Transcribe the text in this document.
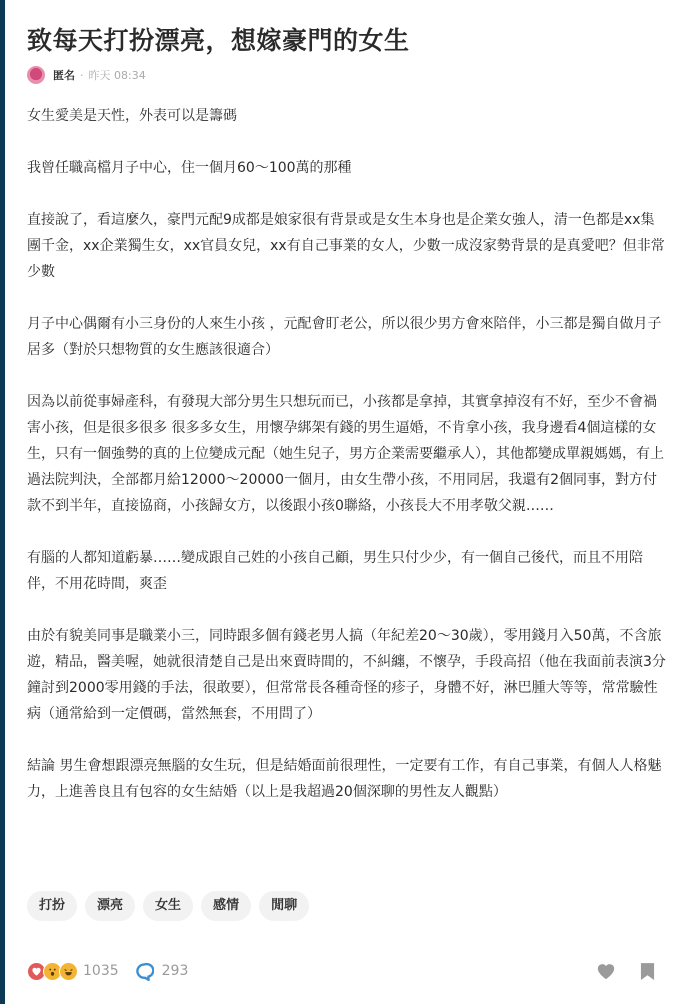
致每天打扮漂亮，想嫁豪門的女生
匿名 · 昨天 08:34

女生愛美是天性，外表可以是籌碼

我曾任職高檔月子中心，住一個月60～100萬的那種

直接說了，看這麼久，豪門元配9成都是娘家很有背景或是女生本身也是企業女強人，清一色都是xx集團千金，xx企業獨生女，xx官員女兒，xx有自己事業的女人，少數一成沒家勢背景的是真愛吧？但非常少數

月子中心偶爾有小三身份的人來生小孩 ，元配會盯老公，所以很少男方會來陪伴，小三都是獨自做月子居多（對於只想物質的女生應該很適合）

因為以前從事婦產科，有發現大部分男生只想玩而已，小孩都是拿掉，其實拿掉沒有不好，至少不會禍害小孩，但是很多很多 很多多女生，用懷孕綁架有錢的男生逼婚，不肯拿小孩，我身邊看4個這樣的女生，只有一個強勢的真的上位變成元配（她生兒子，男方企業需要繼承人），其他都變成單親媽媽，有上過法院判決，全部都月給12000～20000一個月，由女生帶小孩，不用同居，我還有2個同事，對方付款不到半年，直接協商，小孩歸女方，以後跟小孩0聯絡，小孩長大不用孝敬父親……

有腦的人都知道虧暴……變成跟自己姓的小孩自己顧，男生只付少少，有一個自己後代，而且不用陪伴，不用花時間，爽歪

由於有貌美同事是職業小三，同時跟多個有錢老男人搞（年紀差20～30歲），零用錢月入50萬，不含旅遊，精品，醫美喔，她就很清楚自己是出來賣時間的，不糾纏，不懷孕，手段高招（他在我面前表演3分鐘討到2000零用錢的手法，很敢要），但常常長各種奇怪的疹子，身體不好，淋巴腫大等等，常常驗性病（通常給到一定價碼，當然無套，不用問了）

結論 男生會想跟漂亮無腦的女生玩，但是結婚面前很理性，一定要有工作，有自己事業，有個人人格魅力，上進善良且有包容的女生結婚（以上是我超過20個深聊的男性友人觀點）

打扮	漂亮	女生	感情	閒聊
1035	293
